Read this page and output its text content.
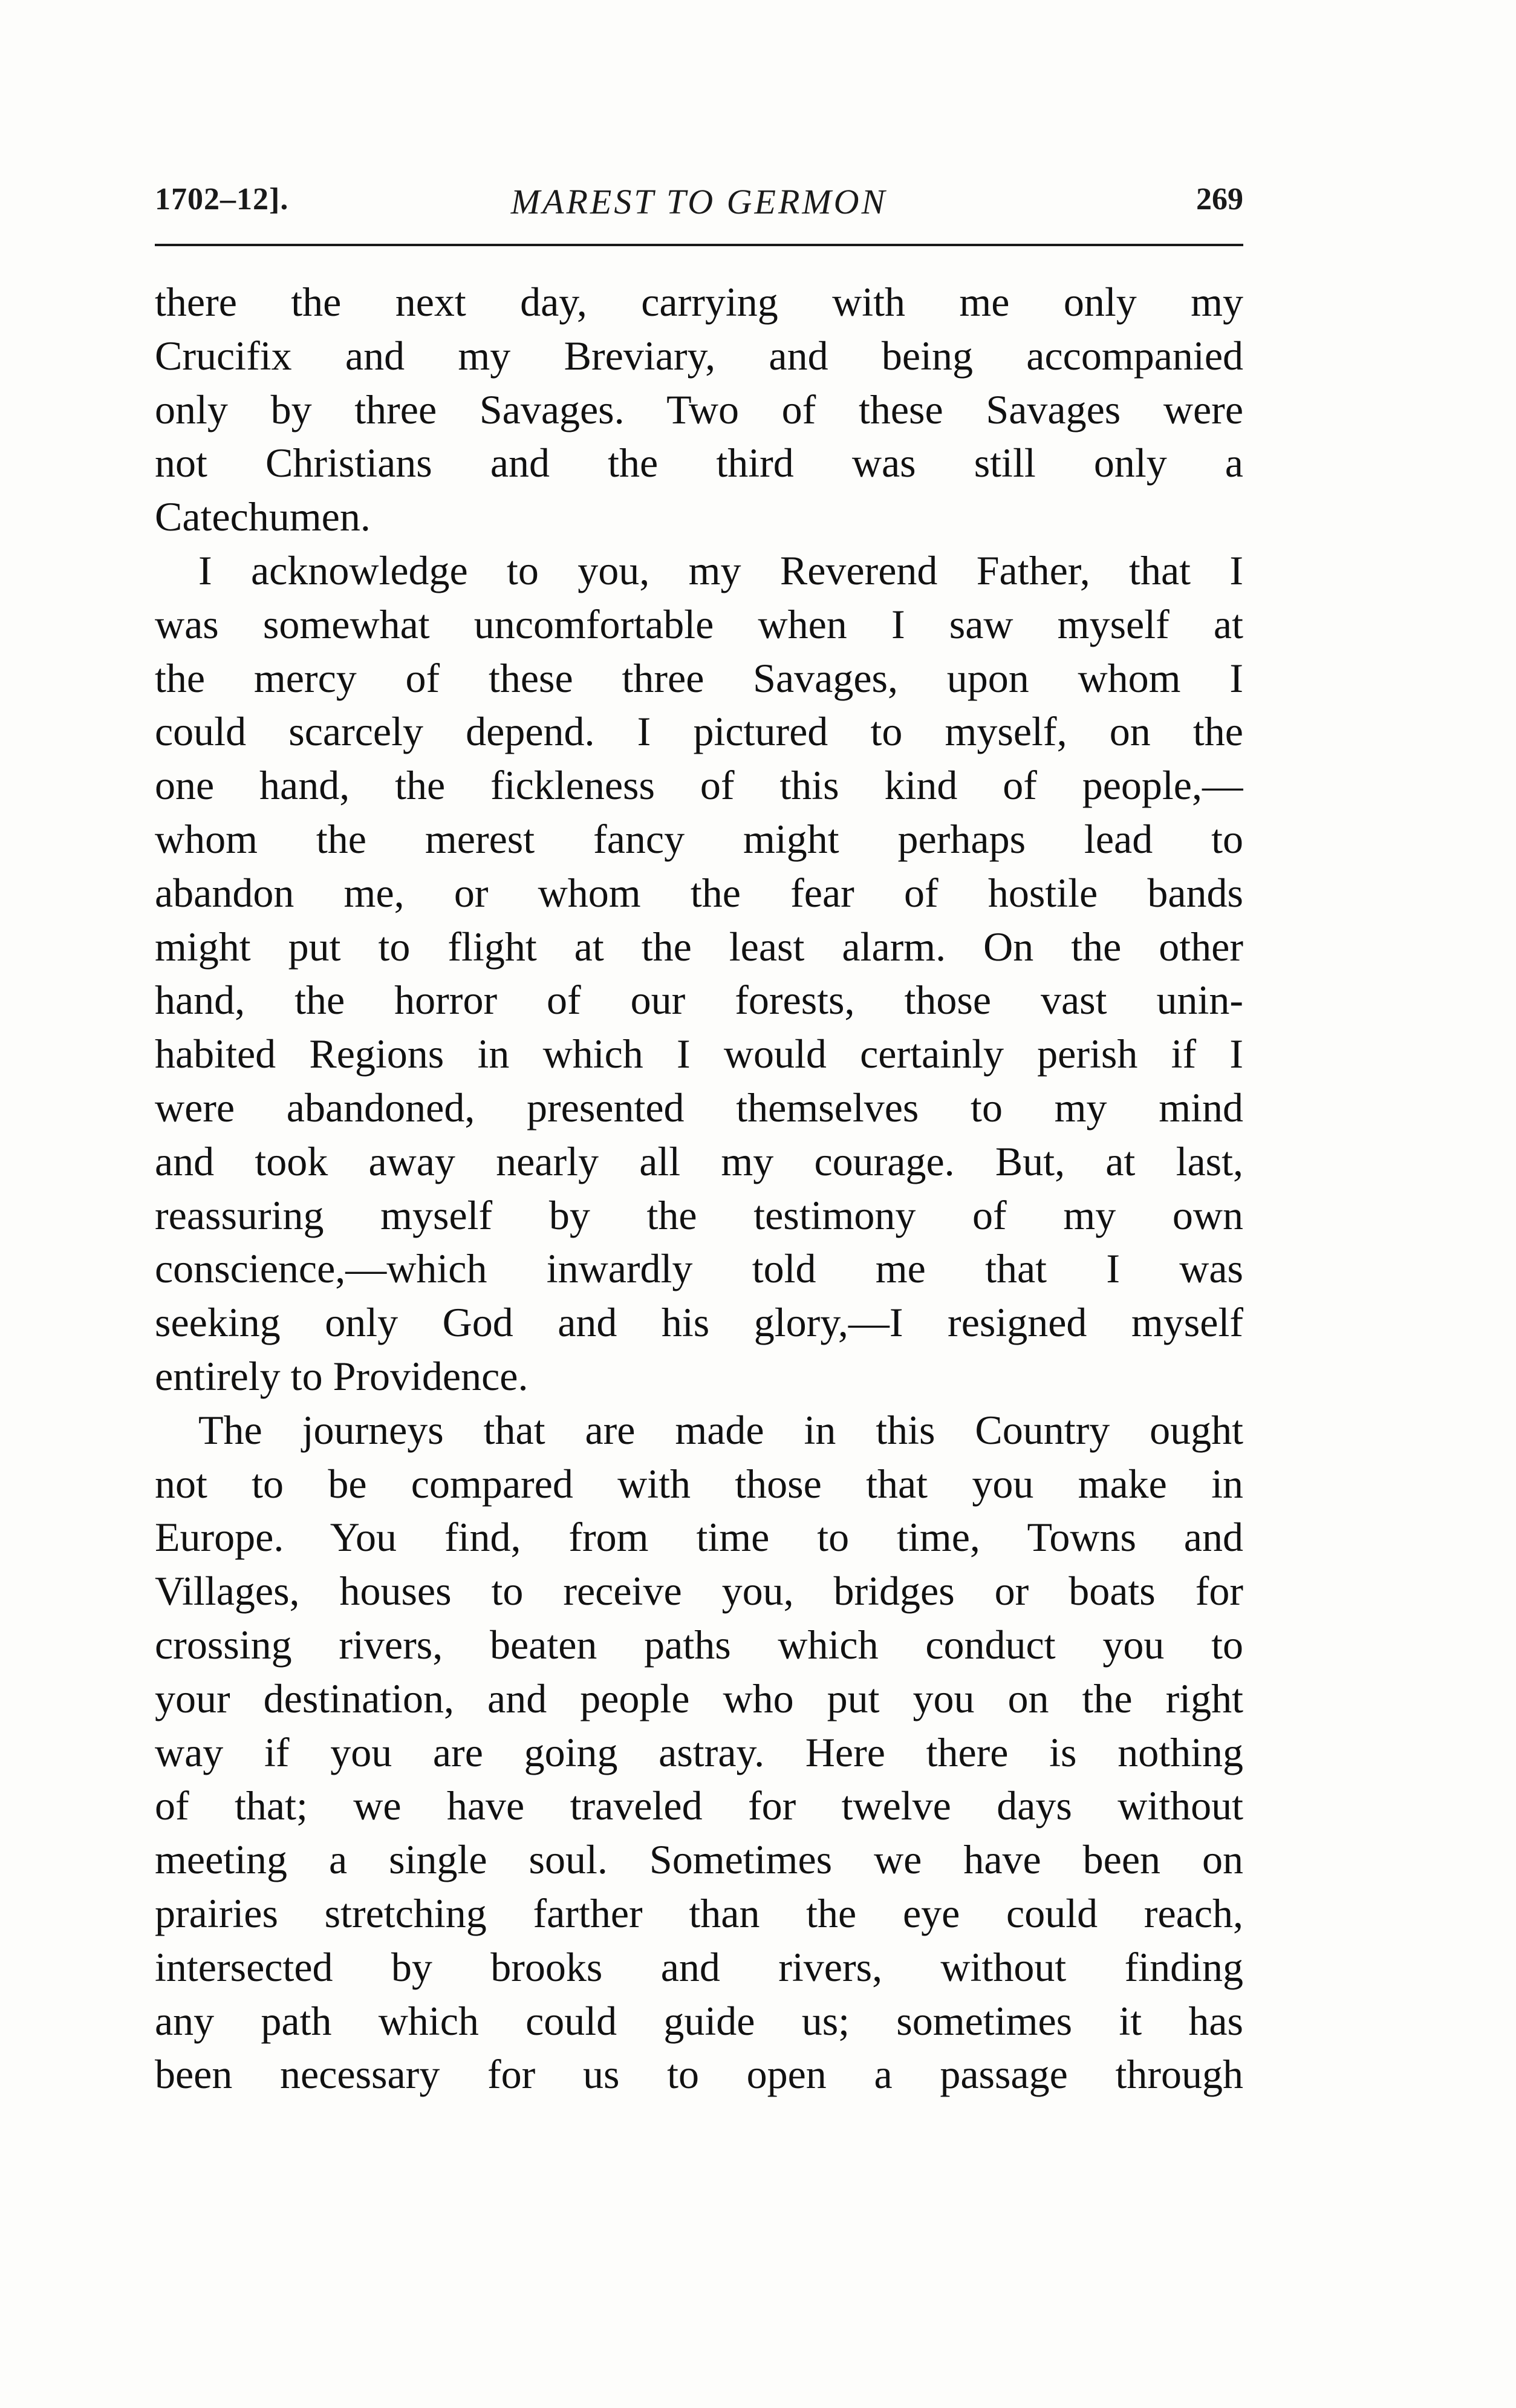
1702–12].	MAREST TO GERMON	269
there the next day, carrying with me only my
Crucifix and my Breviary, and being accompanied
only by three Savages. Two of these Savages were
not Christians and the third was still only a
Catechumen.
I acknowledge to you, my Reverend Father, that I
was somewhat uncomfortable when I saw myself at
the mercy of these three Savages, upon whom I
could scarcely depend. I pictured to myself, on the
one hand, the fickleness of this kind of people,—
whom the merest fancy might perhaps lead to
abandon me, or whom the fear of hostile bands
might put to flight at the least alarm. On the other
hand, the horror of our forests, those vast unin-
habited Regions in which I would certainly perish if I
were abandoned, presented themselves to my mind
and took away nearly all my courage. But, at last,
reassuring myself by the testimony of my own
conscience,—which inwardly told me that I was
seeking only God and his glory,—I resigned myself
entirely to Providence.
The journeys that are made in this Country ought
not to be compared with those that you make in
Europe. You find, from time to time, Towns and
Villages, houses to receive you, bridges or boats for
crossing rivers, beaten paths which conduct you to
your destination, and people who put you on the right
way if you are going astray. Here there is nothing
of that; we have traveled for twelve days without
meeting a single soul. Sometimes we have been on
prairies stretching farther than the eye could reach,
intersected by brooks and rivers, without finding
any path which could guide us; sometimes it has
been necessary for us to open a passage through
